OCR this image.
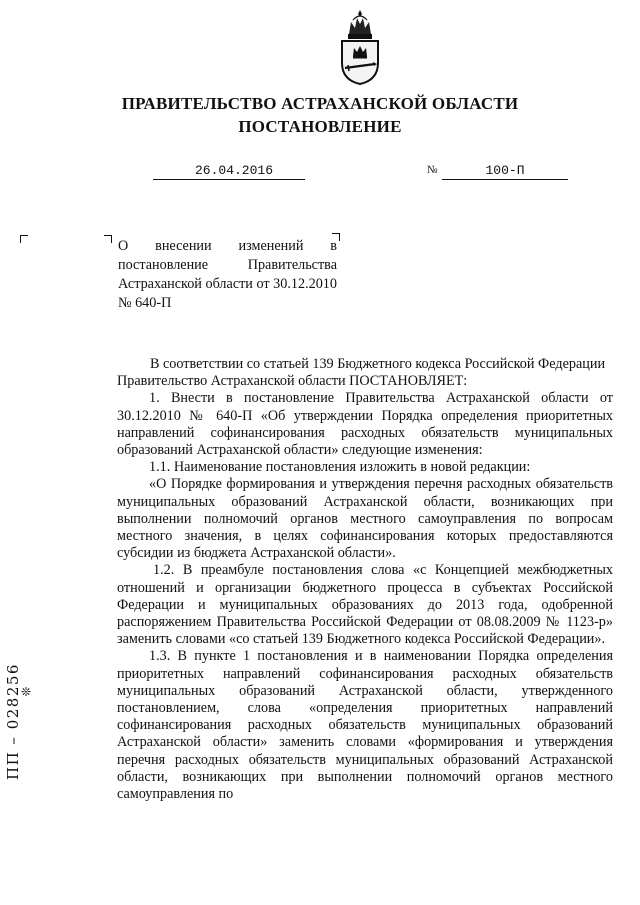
ПРАВИТЕЛЬСТВО АСТРАХАНСКОЙ ОБЛАСТИ
ПОСТАНОВЛЕНИЕ
26.04.2016	№	100-П
О внесении изменений в постановление Правительства Астраханской области от 30.12.2010 № 640-П

В соответствии со статьей 139 Бюджетного кодекса Российской Федерации

Правительство Астраханской области ПОСТАНОВЛЯЕТ:

1. Внести в постановление Правительства Астраханской области от 30.12.2010 № 640-П «Об утверждении Порядка определения приоритетных направлений софинансирования расходных обязательств муниципальных образований Астраханской области» следующие изменения:

1.1. Наименование постановления изложить в новой редакции:

«О Порядке формирования и утверждения перечня расходных обязательств муниципальных образований Астраханской области, возникающих при выполнении полномочий органов местного самоуправления по вопросам местного значения, в целях софинансирования которых предоставляются субсидии из бюджета Астраханской области».

1.2. В преамбуле постановления слова «с Концепцией межбюджетных отношений и организации бюджетного процесса в субъектах Российской Федерации и муниципальных образованиях до 2013 года, одобренной распоряжением Правительства Российской Федерации от 08.08.2009 № 1123-р» заменить словами «со статьей 139 Бюджетного кодекса Российской Федерации».

1.3. В пункте 1 постановления и в наименовании Порядка определения приоритетных направлений софинансирования расходных обязательств муниципальных образований Астраханской области, утвержденного постановлением, слова «определения приоритетных направлений софинансирования расходных обязательств муниципальных образований Астраханской области» заменить словами «формирования и утверждения перечня расходных обязательств муниципальных образований Астраханской области, возникающих при выполнении полномочий органов местного самоуправления по

❊
ПП – 028256
